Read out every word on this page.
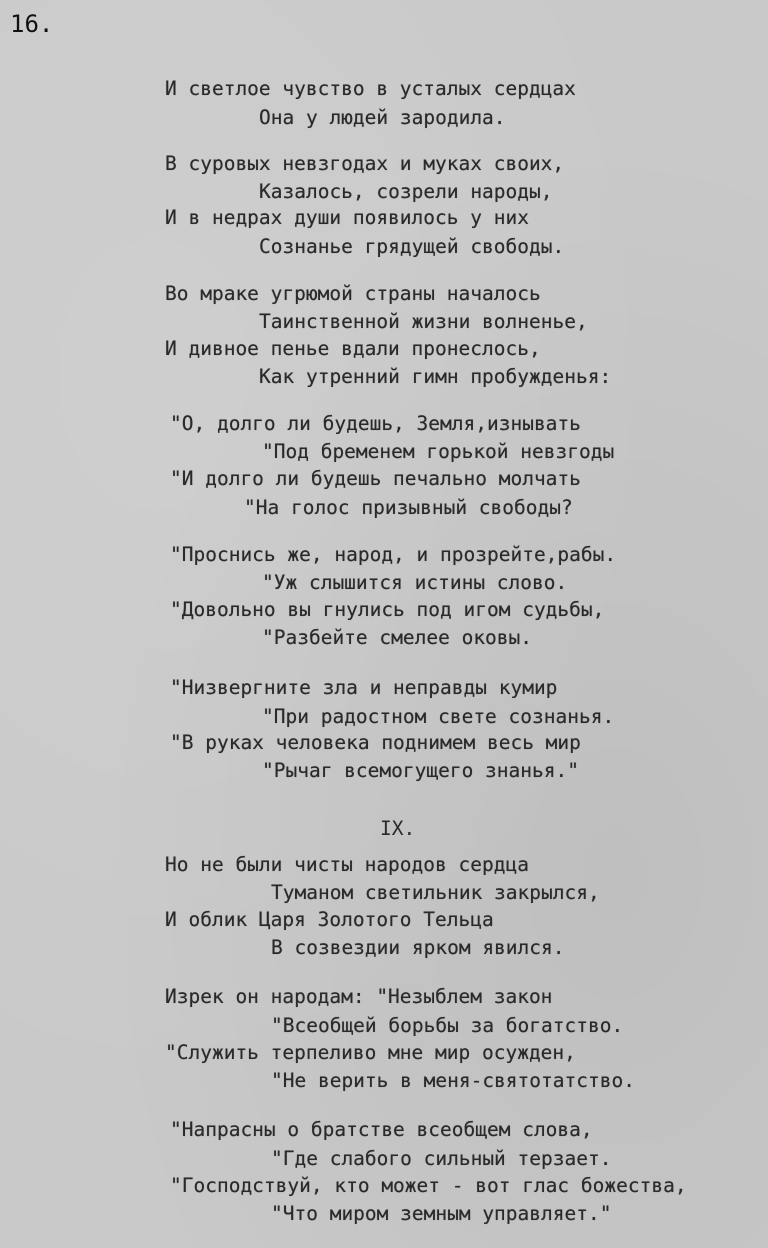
16.
И светлое чувство в усталых сердцах
Она у людей зародила.
В суровых невзгодах и муках своих,
Казалось, созрели народы,
И в недрах души появилось у них
Сознанье грядущей свободы.
Во мраке угрюмой страны началось
Таинственной жизни волненье,
И дивное пенье вдали пронеслось,
Как утренний гимн пробужденья:
"О, долго ли будешь, Земля,изнывать
"Под бременем горькой невзгоды
"И долго ли будешь печально молчать
"На голос призывный свободы?
"Проснись же, народ, и прозрейте,рабы.
"Уж слышится истины слово.
"Довольно вы гнулись под игом судьбы,
"Разбейте смелее оковы.
"Низвергните зла и неправды кумир
"При радостном свете сознанья.
"В руках человека поднимем весь мир
"Рычаг всемогущего знанья."
IX.
Но не были чисты народов сердца
Туманом светильник закрылся,
И облик Царя Золотого Тельца
В созвездии ярком явился.
Изрек он народам: "Незыблем закон
"Всеобщей борьбы за богатство.
"Служить терпеливо мне мир осужден,
"Не верить в меня-святотатство.
"Напрасны о братстве всеобщем слова,
"Где слабого сильный терзает.
"Господствуй, кто может - вот глас божества,
"Что миром земным управляет."
